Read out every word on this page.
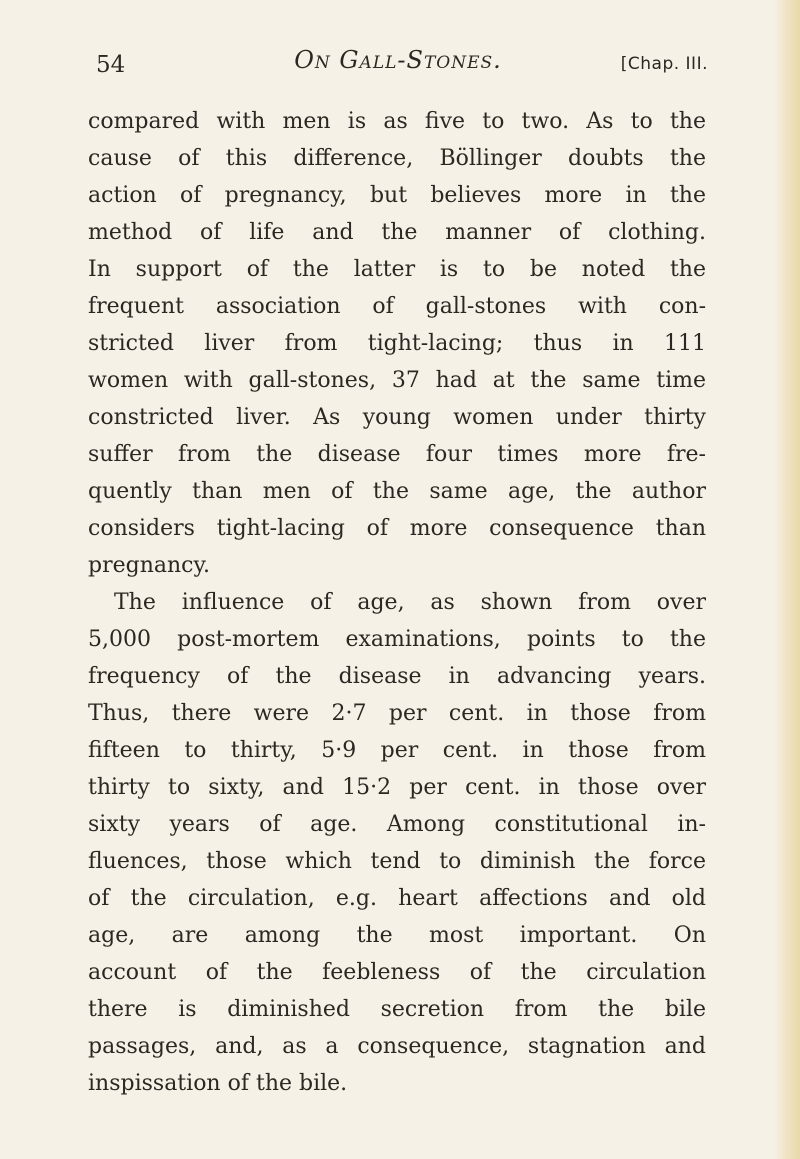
54	On Gall-Stones.	[Chap. III.
compared with men is as five to two. As to the
cause of this difference, Böllinger doubts the
action of pregnancy, but believes more in the
method of life and the manner of clothing.
In support of the latter is to be noted the
frequent association of gall-stones with con-
stricted liver from tight-lacing; thus in 111
women with gall-stones, 37 had at the same time
constricted liver. As young women under thirty
suffer from the disease four times more fre-
quently than men of the same age, the author
considers tight-lacing of more consequence than
pregnancy.
The influence of age, as shown from over
5,000 post-mortem examinations, points to the
frequency of the disease in advancing years.
Thus, there were 2·7 per cent. in those from
fifteen to thirty, 5·9 per cent. in those from
thirty to sixty, and 15·2 per cent. in those over
sixty years of age. Among constitutional in-
fluences, those which tend to diminish the force
of the circulation, e.g. heart affections and old
age, are among the most important. On
account of the feebleness of the circulation
there is diminished secretion from the bile
passages, and, as a consequence, stagnation and
inspissation of the bile.
